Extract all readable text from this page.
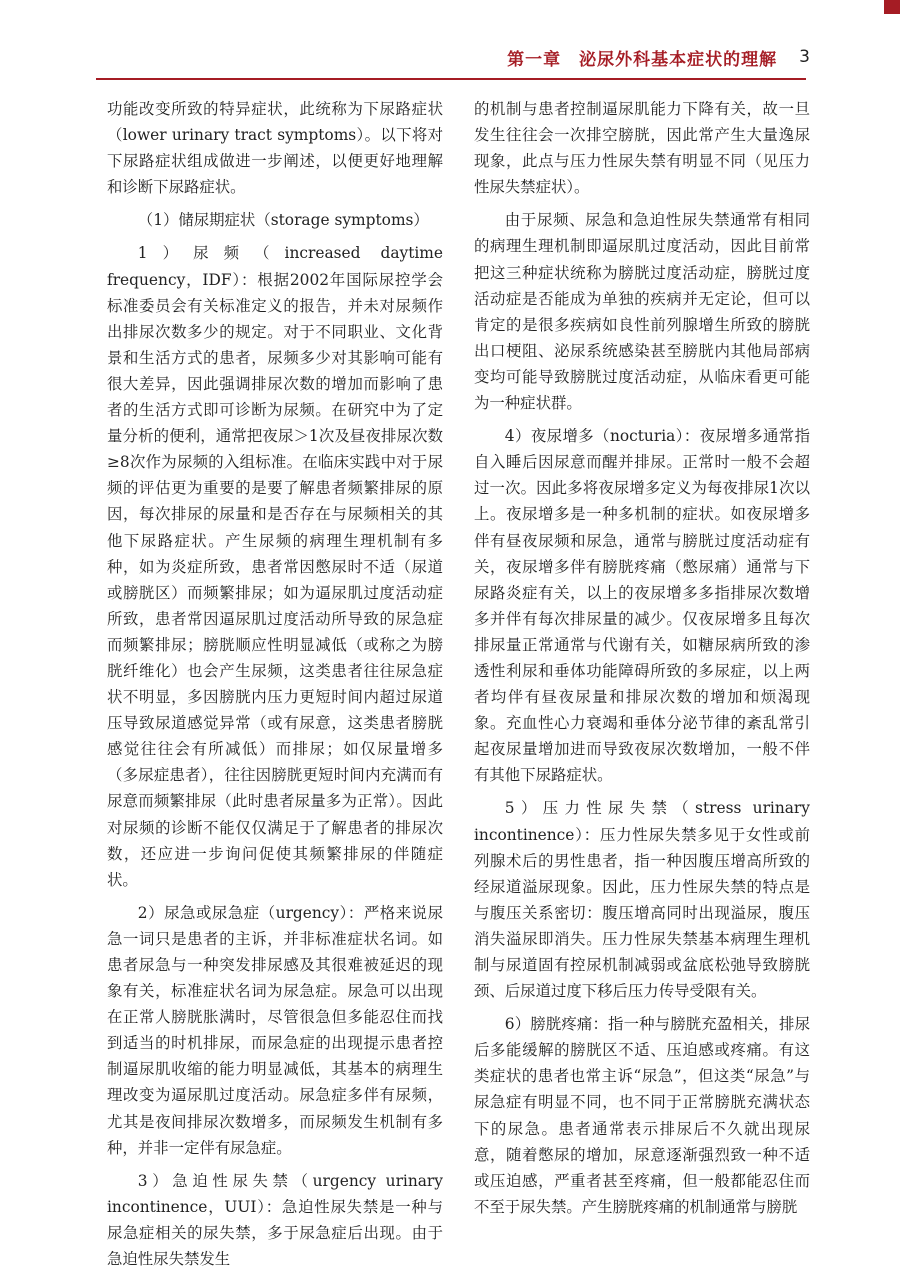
第一章　泌尿外科基本症状的理解 3

功能改变所致的特异症状，此统称为下尿路症状（lower urinary tract symptoms）。以下将对下尿路症状组成做进一步阐述，以便更好地理解和诊断下尿路症状。

（1）储尿期症状（storage symptoms）

1）尿频（increased daytime frequency，IDF）：根据2002年国际尿控学会标准委员会有关标准定义的报告，并未对尿频作出排尿次数多少的规定。对于不同职业、文化背景和生活方式的患者，尿频多少对其影响可能有很大差异，因此强调排尿次数的增加而影响了患者的生活方式即可诊断为尿频。在研究中为了定量分析的便利，通常把夜尿＞1次及昼夜排尿次数≥8次作为尿频的入组标准。在临床实践中对于尿频的评估更为重要的是要了解患者频繁排尿的原因，每次排尿的尿量和是否存在与尿频相关的其他下尿路症状。产生尿频的病理生理机制有多种，如为炎症所致，患者常因憋尿时不适（尿道或膀胱区）而频繁排尿；如为逼尿肌过度活动症所致，患者常因逼尿肌过度活动所导致的尿急症而频繁排尿；膀胱顺应性明显减低（或称之为膀胱纤维化）也会产生尿频，这类患者往往尿急症状不明显，多因膀胱内压力更短时间内超过尿道压导致尿道感觉异常（或有尿意，这类患者膀胱感觉往往会有所减低）而排尿；如仅尿量增多（多尿症患者），往往因膀胱更短时间内充满而有尿意而频繁排尿（此时患者尿量多为正常）。因此对尿频的诊断不能仅仅满足于了解患者的排尿次数，还应进一步询问促使其频繁排尿的伴随症状。

2）尿急或尿急症（urgency）：严格来说尿急一词只是患者的主诉，并非标准症状名词。如患者尿急与一种突发排尿感及其很难被延迟的现象有关，标准症状名词为尿急症。尿急可以出现在正常人膀胱胀满时，尽管很急但多能忍住而找到适当的时机排尿，而尿急症的出现提示患者控制逼尿肌收缩的能力明显减低，其基本的病理生理改变为逼尿肌过度活动。尿急症多伴有尿频，尤其是夜间排尿次数增多，而尿频发生机制有多种，并非一定伴有尿急症。

3）急迫性尿失禁（urgency urinary incontinence，UUI）：急迫性尿失禁是一种与尿急症相关的尿失禁，多于尿急症后出现。由于急迫性尿失禁发生

的机制与患者控制逼尿肌能力下降有关，故一旦发生往往会一次排空膀胱，因此常产生大量逸尿现象，此点与压力性尿失禁有明显不同（见压力性尿失禁症状）。

由于尿频、尿急和急迫性尿失禁通常有相同的病理生理机制即逼尿肌过度活动，因此目前常把这三种症状统称为膀胱过度活动症，膀胱过度活动症是否能成为单独的疾病并无定论，但可以肯定的是很多疾病如良性前列腺增生所致的膀胱出口梗阻、泌尿系统感染甚至膀胱内其他局部病变均可能导致膀胱过度活动症，从临床看更可能为一种症状群。

4）夜尿增多（nocturia）：夜尿增多通常指自入睡后因尿意而醒并排尿。正常时一般不会超过一次。因此多将夜尿增多定义为每夜排尿1次以上。夜尿增多是一种多机制的症状。如夜尿增多伴有昼夜尿频和尿急，通常与膀胱过度活动症有关，夜尿增多伴有膀胱疼痛（憋尿痛）通常与下尿路炎症有关，以上的夜尿增多多指排尿次数增多并伴有每次排尿量的减少。仅夜尿增多且每次排尿量正常通常与代谢有关，如糖尿病所致的渗透性利尿和垂体功能障碍所致的多尿症，以上两者均伴有昼夜尿量和排尿次数的增加和烦渴现象。充血性心力衰竭和垂体分泌节律的紊乱常引起夜尿量增加进而导致夜尿次数增加，一般不伴有其他下尿路症状。

5）压力性尿失禁（stress urinary incontinence）：压力性尿失禁多见于女性或前列腺术后的男性患者，指一种因腹压增高所致的经尿道溢尿现象。因此，压力性尿失禁的特点是与腹压关系密切：腹压增高同时出现溢尿，腹压消失溢尿即消失。压力性尿失禁基本病理生理机制与尿道固有控尿机制减弱或盆底松弛导致膀胱颈、后尿道过度下移后压力传导受限有关。

6）膀胱疼痛：指一种与膀胱充盈相关，排尿后多能缓解的膀胱区不适、压迫感或疼痛。有这类症状的患者也常主诉“尿急”，但这类“尿急”与尿急症有明显不同，也不同于正常膀胱充满状态下的尿急。患者通常表示排尿后不久就出现尿意，随着憋尿的增加，尿意逐渐强烈致一种不适或压迫感，严重者甚至疼痛，但一般都能忍住而不至于尿失禁。产生膀胱疼痛的机制通常与膀胱
